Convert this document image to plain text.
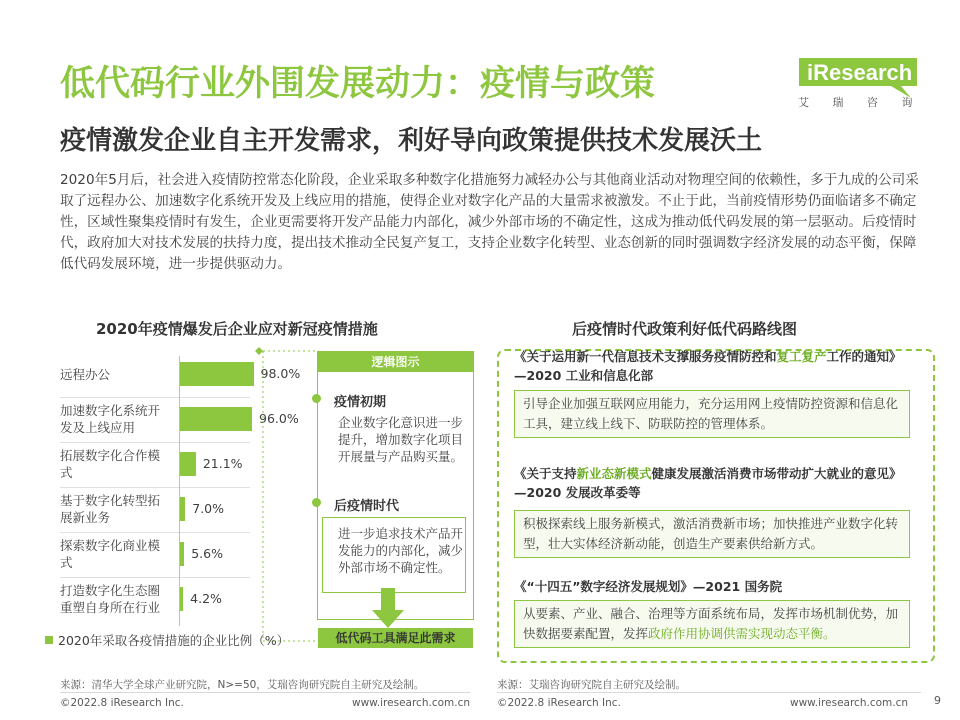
低代码行业外围发展动力：疫情与政策
疫情激发企业自主开发需求，利好导向政策提供技术发展沃土
iResearch
艾 瑞 咨 询

2020年5月后，社会进入疫情防控常态化阶段，企业采取多种数字化措施努力减轻办公与其他商业活动对物理空间的依赖性，多于九成的公司采取了远程办公、加速数字化系统开发及上线应用的措施，使得企业对数字化产品的大量需求被激发。不止于此，当前疫情形势仍面临诸多不确定性，区域性聚集疫情时有发生，企业更需要将开发产品能力内部化，减少外部市场的不确定性，这成为推动低代码发展的第一层驱动。后疫情时代，政府加大对技术发展的扶持力度，提出技术推动全民复产复工，支持企业数字化转型、业态创新的同时强调数字经济发展的动态平衡，保障低代码发展环境，进一步提供驱动力。

2020年疫情爆发后企业应对新冠疫情措施
远程办公	98.0%
加速数字化系统开
发及上线应用
96.0%
拓展数字化合作模
式
21.1%
基于数字化转型拓
展新业务
7.0%
探索数字化商业模
式
5.6%
打造数字化生态圈
重塑自身所在行业
4.2%
2020年采取各疫情措施的企业比例（%）
逻辑图示
疫情初期
企业数字化意识进一步提升，增加数字化项目开展量与产品购买量。
后疫情时代
进一步追求技术产品开发能力的内部化，减少外部市场不确定性。
低代码工具满足此需求
后疫情时代政策利好低代码路线图
《关于运用新一代信息技术支撑服务疫情防控和复工复产工作的通知》—2020 工业和信息化部
引导企业加强互联网应用能力，充分运用网上疫情防控资源和信息化工具，建立线上线下、防联防控的管理体系。
《关于支持新业态新模式健康发展激活消费市场带动扩大就业的意见》—2020 发展改革委等
积极探索线上服务新模式，激活消费新市场；加快推进产业数字化转型，壮大实体经济新动能，创造生产要素供给新方式。
《“十四五”数字经济发展规划》—2021 国务院
从要素、产业、融合、治理等方面系统布局，发挥市场机制优势，加快数据要素配置，发挥政府作用协调供需实现动态平衡。
来源：清华大学全球产业研究院，N>=50，艾瑞咨询研究院自主研究及绘制。	来源：艾瑞咨询研究院自主研究及绘制。
©2022.8 iResearch Inc.	www.iresearch.com.cn	©2022.8 iResearch Inc.	www.iresearch.com.cn 9
